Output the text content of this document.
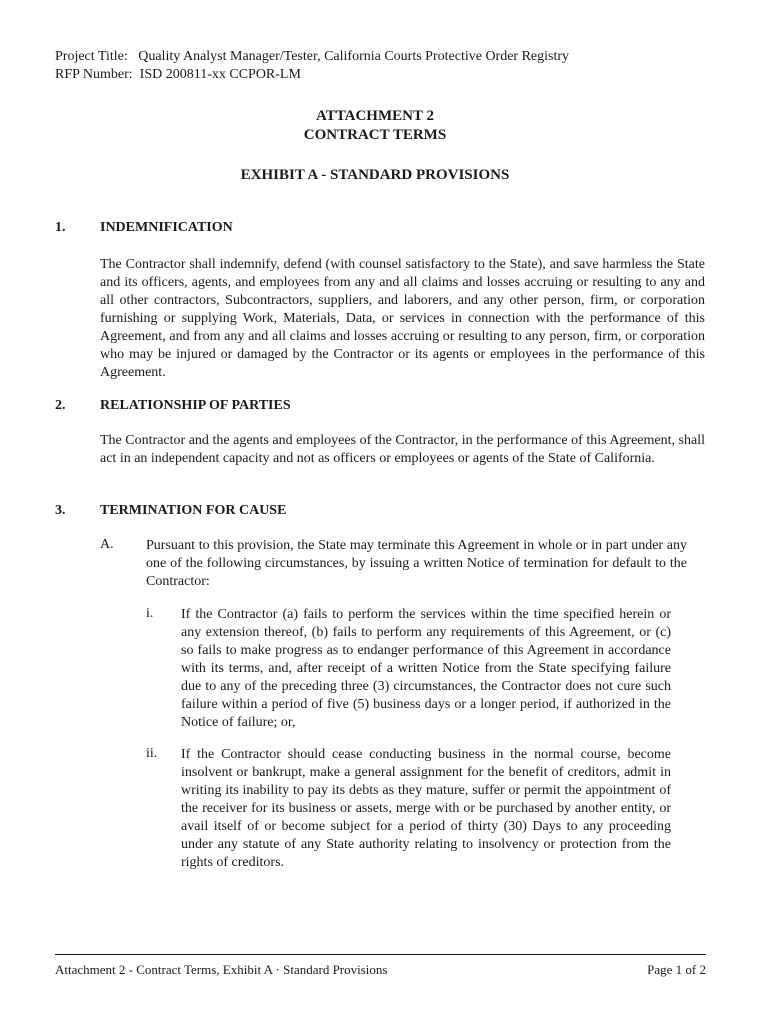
Project Title: Quality Analyst Manager/Tester, California Courts Protective Order Registry
RFP Number: ISD 200811-xx CCPOR-LM
ATTACHMENT 2
CONTRACT TERMS
EXHIBIT A - STANDARD PROVISIONS
1. INDEMNIFICATION
The Contractor shall indemnify, defend (with counsel satisfactory to the State), and save harmless the State and its officers, agents, and employees from any and all claims and losses accruing or resulting to any and all other contractors, Subcontractors, suppliers, and laborers, and any other person, firm, or corporation furnishing or supplying Work, Materials, Data, or services in connection with the performance of this Agreement, and from any and all claims and losses accruing or resulting to any person, firm, or corporation who may be injured or damaged by the Contractor or its agents or employees in the performance of this Agreement.
2. RELATIONSHIP OF PARTIES
The Contractor and the agents and employees of the Contractor, in the performance of this Agreement, shall act in an independent capacity and not as officers or employees or agents of the State of California.
3. TERMINATION FOR CAUSE
A. Pursuant to this provision, the State may terminate this Agreement in whole or in part under any one of the following circumstances, by issuing a written Notice of termination for default to the Contractor:
i. If the Contractor (a) fails to perform the services within the time specified herein or any extension thereof, (b) fails to perform any requirements of this Agreement, or (c) so fails to make progress as to endanger performance of this Agreement in accordance with its terms, and, after receipt of a written Notice from the State specifying failure due to any of the preceding three (3) circumstances, the Contractor does not cure such failure within a period of five (5) business days or a longer period, if authorized in the Notice of failure; or,
ii. If the Contractor should cease conducting business in the normal course, become insolvent or bankrupt, make a general assignment for the benefit of creditors, admit in writing its inability to pay its debts as they mature, suffer or permit the appointment of the receiver for its business or assets, merge with or be purchased by another entity, or avail itself of or become subject for a period of thirty (30) Days to any proceeding under any statute of any State authority relating to insolvency or protection from the rights of creditors.
Attachment 2 - Contract Terms, Exhibit A · Standard Provisions	Page 1 of 2
